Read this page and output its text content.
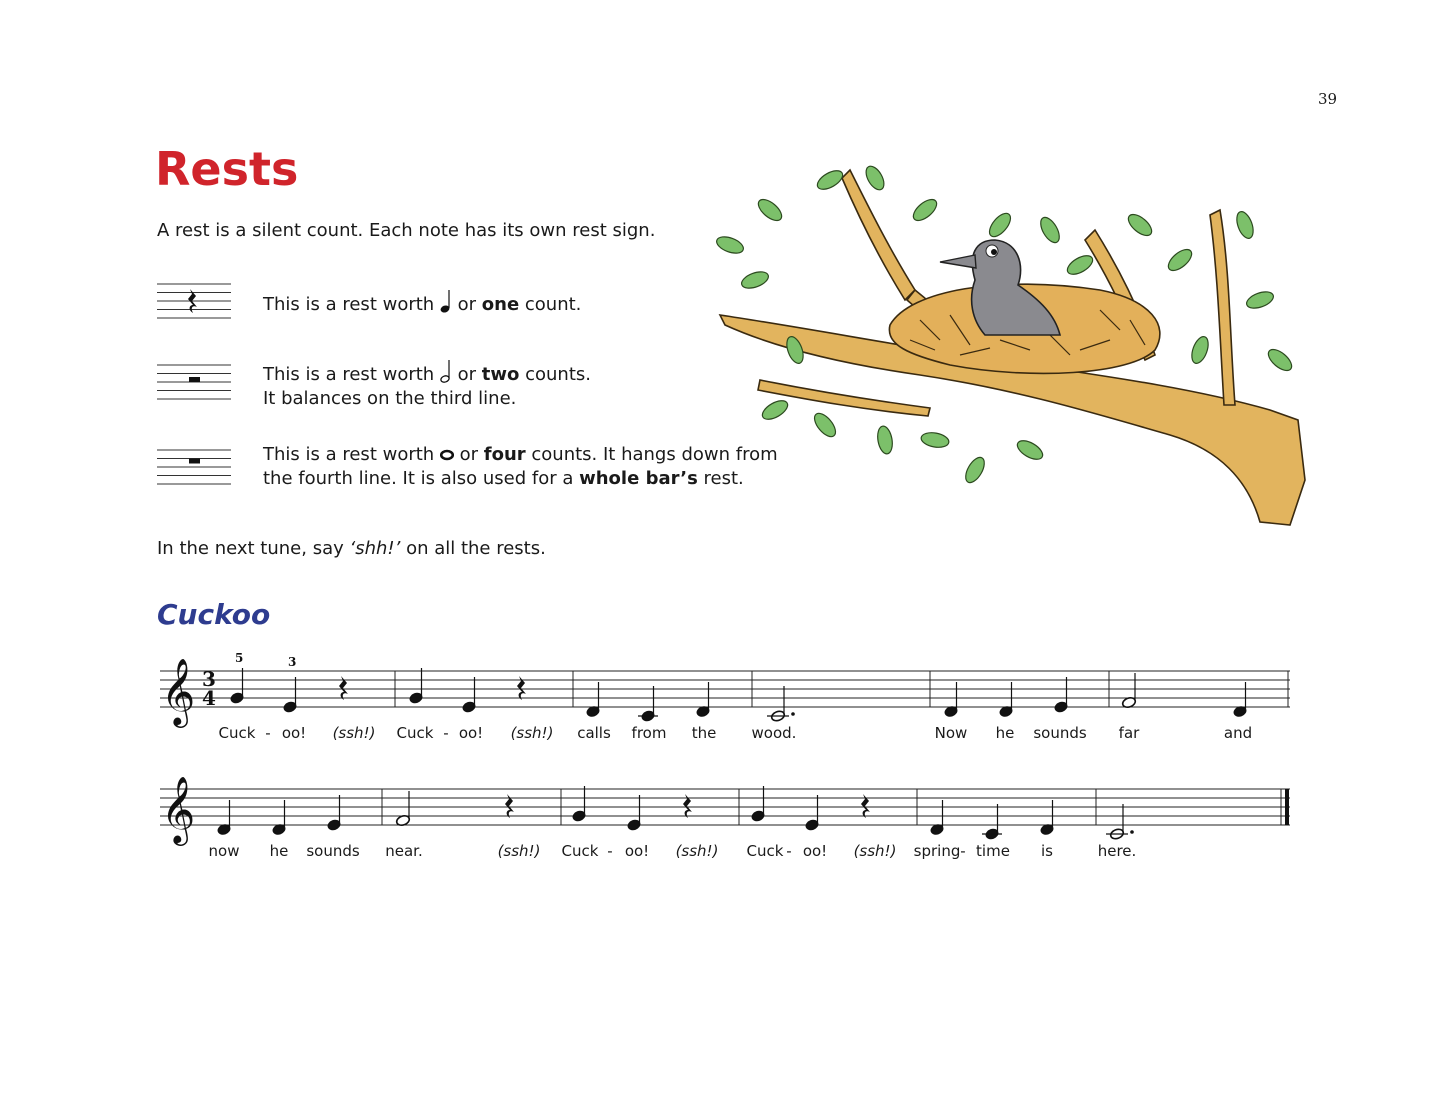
39
Rests
A rest is a silent count. Each note has its own rest sign.
This is a rest worth  or one count.
This is a rest worth  or two counts.
It balances on the third line.
This is a rest worth  or four counts. It hangs down from
the fourth line. It is also used for a whole bar’s rest.
In the next tune, say ‘shh!’ on all the rests.
Cuckoo
𝄞 3
4
5	3
𝄞
Cuck - oo! (ssh!) Cuck - oo! (ssh!) calls from the wood.	Now he sounds far	and
now he sounds near.	(ssh!) Cuck - oo! (ssh!) Cuck - oo! (ssh!) spring - time is	here.
